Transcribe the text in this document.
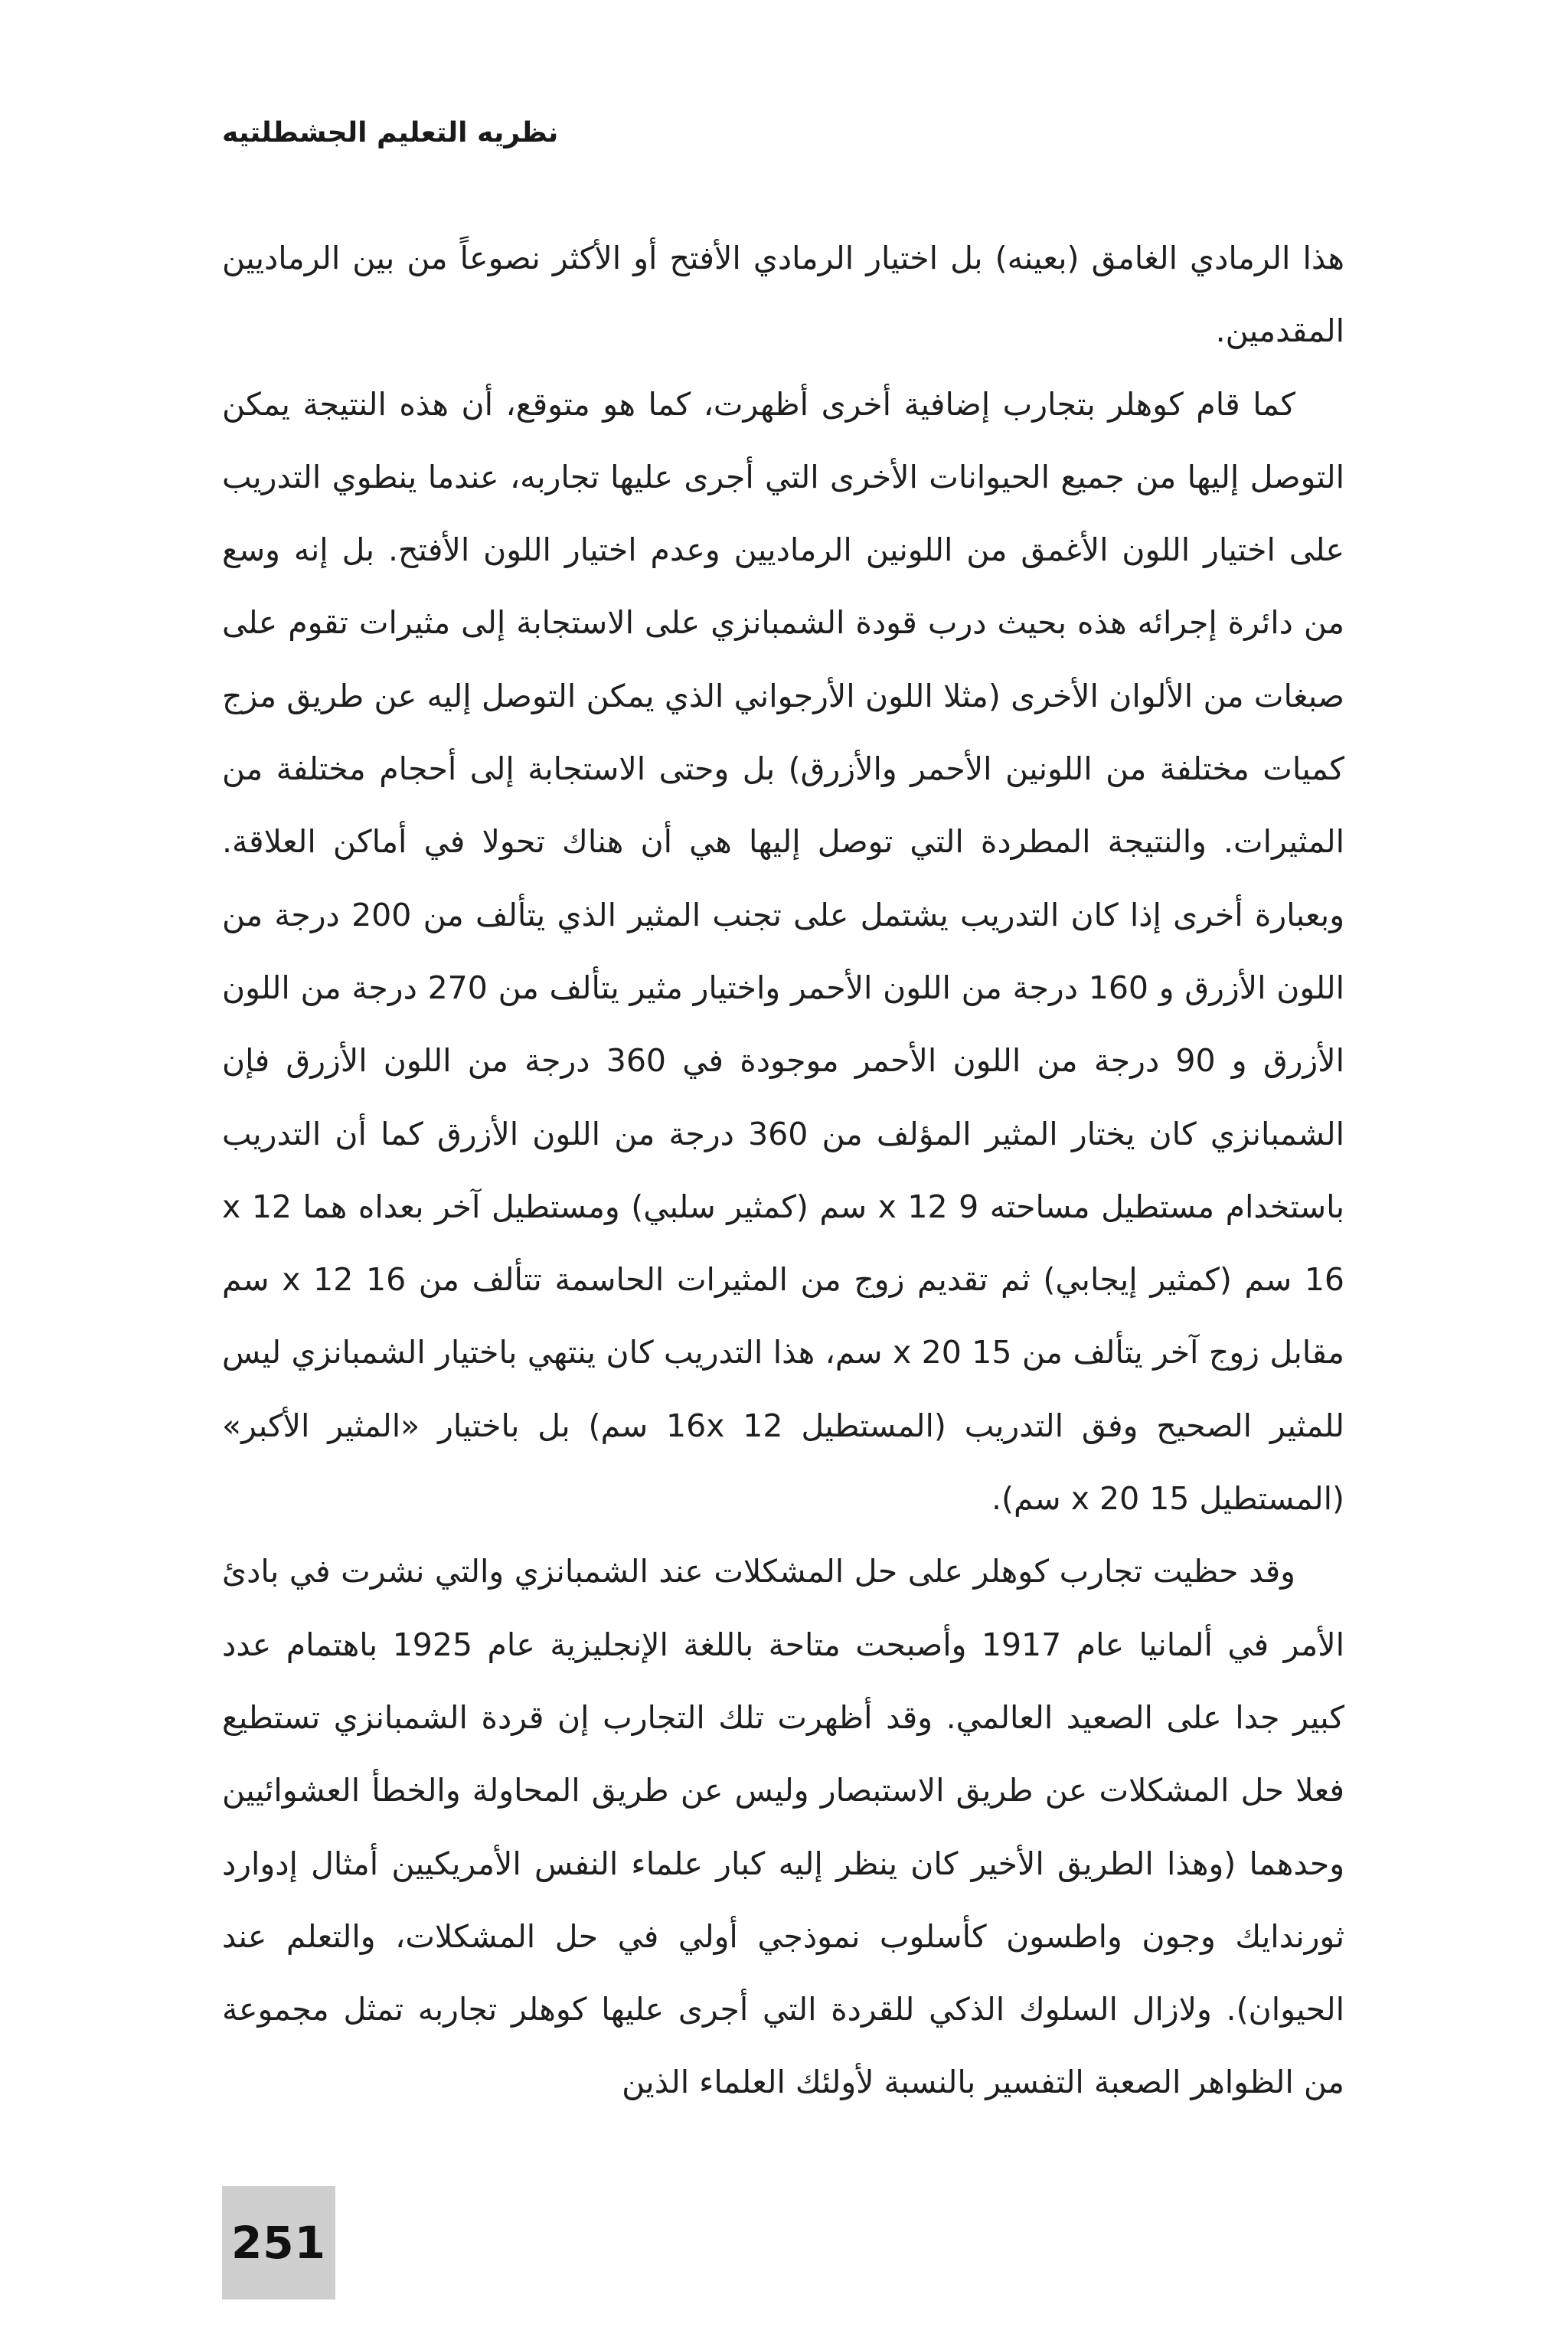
نظريه التعليم الجشطلتيه

هذا الرمادي الغامق (بعينه) بل اختيار الرمادي الأفتح أو الأكثر نصوعاً من بين الرماديين المقدمين.

كما قام كوهلر بتجارب إضافية أخرى أظهرت، كما هو متوقع، أن هذه النتيجة يمكن التوصل إليها من جميع الحيوانات الأخرى التي أجرى عليها تجاربه، عندما ينطوي التدريب على اختيار اللون الأغمق من اللونين الرماديين وعدم اختيار اللون الأفتح. بل إنه وسع من دائرة إجرائه هذه بحيث درب قودة الشمبانزي على الاستجابة إلى مثيرات تقوم على صبغات من الألوان الأخرى (مثلا اللون الأرجواني الذي يمكن التوصل إليه عن طريق مزج كميات مختلفة من اللونين الأحمر والأزرق) بل وحتى الاستجابة إلى أحجام مختلفة من المثيرات. والنتيجة المطردة التي توصل إليها هي أن هناك تحولا في أماكن العلاقة. وبعبارة أخرى إذا كان التدريب يشتمل على تجنب المثير الذي يتألف من 200 درجة من اللون الأزرق و 160 درجة من اللون الأحمر واختيار مثير يتألف من 270 درجة من اللون الأزرق و 90 درجة من اللون الأحمر موجودة في 360 درجة من اللون الأزرق فإن الشمبانزي كان يختار المثير المؤلف من 360 درجة من اللون الأزرق كما أن التدريب باستخدام مستطيل مساحته 9 x 12 سم (كمثير سلبي) ومستطيل آخر بعداه هما 12 x 16 سم (كمثير إيجابي) ثم تقديم زوج من المثيرات الحاسمة تتألف من 16 x 12 سم مقابل زوج آخر يتألف من 15 x 20 سم، هذا التدريب كان ينتهي باختيار الشمبانزي ليس للمثير الصحيح وفق التدريب (المستطيل 16x 12 سم) بل باختيار «المثير الأكبر» (المستطيل 15 x 20 سم).

وقد حظيت تجارب كوهلر على حل المشكلات عند الشمبانزي والتي نشرت في بادئ الأمر في ألمانيا عام 1917 وأصبحت متاحة باللغة الإنجليزية عام 1925 باهتمام عدد كبير جدا على الصعيد العالمي. وقد أظهرت تلك التجارب إن قردة الشمبانزي تستطيع فعلا حل المشكلات عن طريق الاستبصار وليس عن طريق المحاولة والخطأ العشوائيين وحدهما (وهذا الطريق الأخير كان ينظر إليه كبار علماء النفس الأمريكيين أمثال إدوارد ثورندايك وجون واطسون كأسلوب نموذجي أولي في حل المشكلات، والتعلم عند الحيوان). ولازال السلوك الذكي للقردة التي أجرى عليها كوهلر تجاربه تمثل مجموعة من الظواهر الصعبة التفسير بالنسبة لأولئك العلماء الذين

251
